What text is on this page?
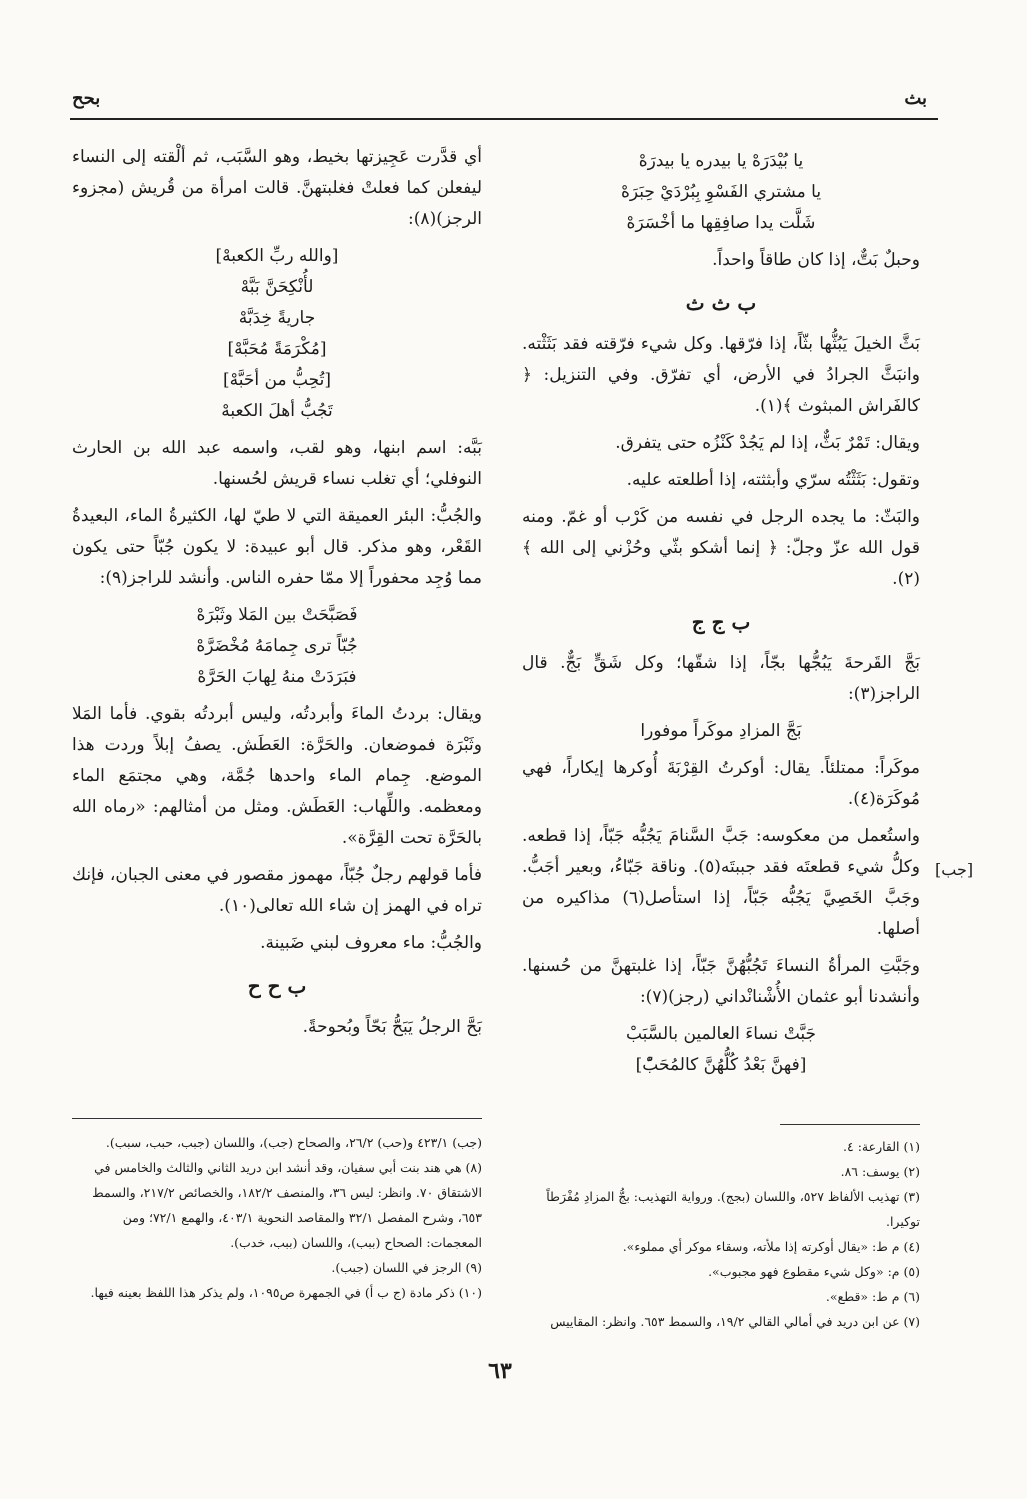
بث
بحح
يا بُيْدَرَهْ يا بيدره يا بيدرَهْ
يا مشتري الفَسْوِ بِبُرْدَيْ حِبَرَهْ
شَلَّت يدا صافِقِها ما أخْسَرَهْ

وحبلٌ بَتٌّ، إذا كان طاقاً واحداً.

ب ث ث

بَثَّ الخيلَ يَبُثُّها بثّاً، إذا فرّقها. وكل شيء فرّقته فقد بَثَثْته. وانبَثَّ الجرادُ في الأرض، أي تفرّق. وفي التنزيل: ﴿ كالفَراش المبثوث ﴾(١).

ويقال: تَمْرٌ بَثٌّ، إذا لم يَجُدْ كَنْزُه حتى يتفرق.

وتقول: بَثَثْتُه سرّي وأبثثته، إذا أطلعته عليه.

والبَثّ: ما يجده الرجل في نفسه من كَرْب أو غمّ. ومنه قول الله عزّ وجلّ: ﴿ إنما أشكو بثّي وحُزْني إلى الله ﴾(٢).

ب ج ج

بَجَّ القَرحةَ يَبُجُّها بجّاً، إذا شقّها؛ وكل شَقٍّ بَجٌّ. قال الراجز(٣):

بَجَّ المزادِ موكَراً موفورا

موكَراً: ممتلئاً. يقال: أوكرتُ القِرْبَةَ أُوكرها إيكاراً، فهي مُوكَرَة(٤).

واستُعمل من معكوسه: جَبَّ السَّنامَ يَجُبُّه جَبّاً، إذا قطعه. وكلُّ شيء قطعتَه فقد جببتَه(٥). وناقة جَبّاءُ، وبعير أجَبُّ. وجَبَّ الخَصِيَّ يَجُبُّه جَبّاً، إذا استأصل(٦) مذاكيره من أصلها.

وجَبَّتِ المرأةُ النساءَ تَجُبُّهُنَّ جَبّاً، إذا غلبتهنَّ من حُسنها. وأنشدنا أبو عثمان الأُشْنانْداني (رجز)(٧):

جَبَّتْ نساءَ العالمين بالسَّبَبْ
[فهنَّ بَعْدُ كُلُّهُنَّ كالمُحَبّْ]
[جب]

أي قدَّرت عَجِيزتها بخيط، وهو السَّبَب، ثم ألْقته إلى النساء ليفعلن كما فعلتْ فغلبتهنَّ. قالت امرأة من قُريش (مجزوء الرجز)(٨):

[والله ربِّ الكعبهْ]
لأُنْكِحَنَّ بَبَّهْ
جاريةً خِدَبَّهْ
[مُكْرَمَةً مُحَبَّهْ]
[تُحِبُّ من أحَبَّهْ]
تَجُبُّ أهلَ الكعبهْ

بَبَّه: اسم ابنها، وهو لقب، واسمه عبد الله بن الحارث النوفلي؛ أي تغلب نساء قريش لحُسنها.

والجُبُّ: البئر العميقة التي لا طيّ لها، الكثيرةُ الماء، البعيدةُ القَعْر، وهو مذكر. قال أبو عبيدة: لا يكون جُبّاً حتى يكون مما وُجِد محفوراً إلا ممّا حفره الناس. وأنشد للراجز(٩):

فَصَبَّحَتْ بين المَلا وثَبْرَهْ
جُبّاً ترى جِمامَهُ مُخْضَرَّهْ
فبَرَدَتْ منهُ لِهابَ الحَرَّهْ

ويقال: بردتُ الماءَ وأبردتُه، وليس أبردتُه بقوي. فأما المَلا وثَبْرَة فموضعان. والحَرَّة: العَطَش. يصفُ إبلاً وردت هذا الموضع. جِمام الماء واحدها جُمَّة، وهي مجتمَع الماء ومعظمه. واللِّهاب: العَطَش. ومثل من أمثالهم: «رماه الله بالحَرَّة تحت القِرَّة».

فأما قولهم رجلٌ جُبّاً، مهموز مقصور في معنى الجبان، فإنك تراه في الهمز إن شاء الله تعالى(١٠).

والجُبُّ: ماء معروف لبني ضَبينة.

ب ح ح

بَحَّ الرجلُ يَبَحُّ بَحّاً وبُحوحةً.

(١) القارعة: ٤.
(٢) يوسف: ٨٦.
(٣) تهذيب الألفاظ ٥٢٧، واللسان (بجج). ورواية التهذيب: بجُّ المزادِ مُفْرَطاً توكيرا.
(٤) م ط: «يقال أوكرته إذا ملأته، وسقاء موكر أي مملوء».
(٥) م: «وكل شيء مقطوع فهو مجبوب».
(٦) م ط: «قطع».
(٧) عن ابن دريد في أمالي القالي ١٩/٢، والسمط ٦٥٣. وانظر: المقاييس
(جب) ٤٢٣/١ و(حب) ٢٦/٢، والصحاح (جب)، واللسان (جبب، حبب، سبب).
(٨) هي هند بنت أبي سفيان، وقد أنشد ابن دريد الثاني والثالث والخامس في الاشتقاق ٧٠. وانظر: ليس ٣٦، والمنصف ١٨٢/٢، والخصائص ٢١٧/٢، والسمط ٦٥٣، وشرح المفصل ٣٢/١ والمقاصد النحوية ٤٠٣/١، والهمع ٧٢/١؛ ومن المعجمات: الصحاح (ببب)، واللسان (ببب، خدب).
(٩) الرجز في اللسان (جبب).
(١٠) ذكر مادة (ج ب أ) في الجمهرة ص١٠٩٥، ولم يذكر هذا اللفظ بعينه فيها.
٦٣
